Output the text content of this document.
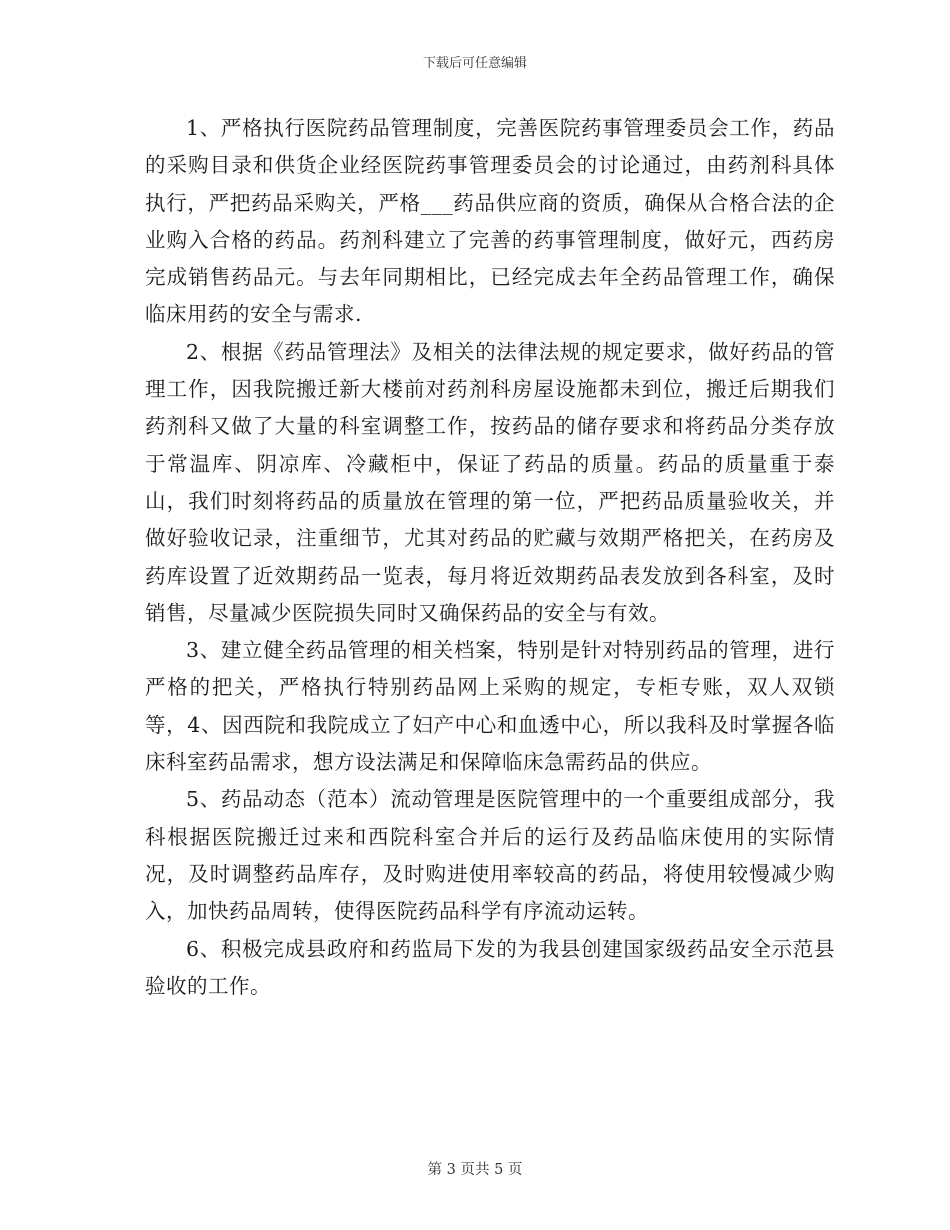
下载后可任意编辑

1、严格执行医院药品管理制度，完善医院药事管理委员会工作，药品的采购目录和供货企业经医院药事管理委员会的讨论通过，由药剂科具体执行，严把药品采购关，严格___药品供应商的资质，确保从合格合法的企业购入合格的药品。药剂科建立了完善的药事管理制度，做好元，西药房完成销售药品元。与去年同期相比，已经完成去年全药品管理工作，确保临床用药的安全与需求.

2、根据《药品管理法》及相关的法律法规的规定要求，做好药品的管理工作，因我院搬迁新大楼前对药剂科房屋设施都未到位，搬迁后期我们药剂科又做了大量的科室调整工作，按药品的储存要求和将药品分类存放于常温库、阴凉库、冷藏柜中，保证了药品的质量。药品的质量重于泰山，我们时刻将药品的质量放在管理的第一位，严把药品质量验收关，并做好验收记录，注重细节，尤其对药品的贮藏与效期严格把关，在药房及药库设置了近效期药品一览表，每月将近效期药品表发放到各科室，及时销售，尽量减少医院损失同时又确保药品的安全与有效。

3、建立健全药品管理的相关档案，特别是针对特别药品的管理，进行严格的把关，严格执行特别药品网上采购的规定，专柜专账，双人双锁等，4、因西院和我院成立了妇产中心和血透中心，所以我科及时掌握各临床科室药品需求，想方设法满足和保障临床急需药品的供应。

5、药品动态（范本）流动管理是医院管理中的一个重要组成部分，我科根据医院搬迁过来和西院科室合并后的运行及药品临床使用的实际情况，及时调整药品库存，及时购进使用率较高的药品，将使用较慢减少购入，加快药品周转，使得医院药品科学有序流动运转。

6、积极完成县政府和药监局下发的为我县创建国家级药品安全示范县验收的工作。

第 3 页共 5 页
